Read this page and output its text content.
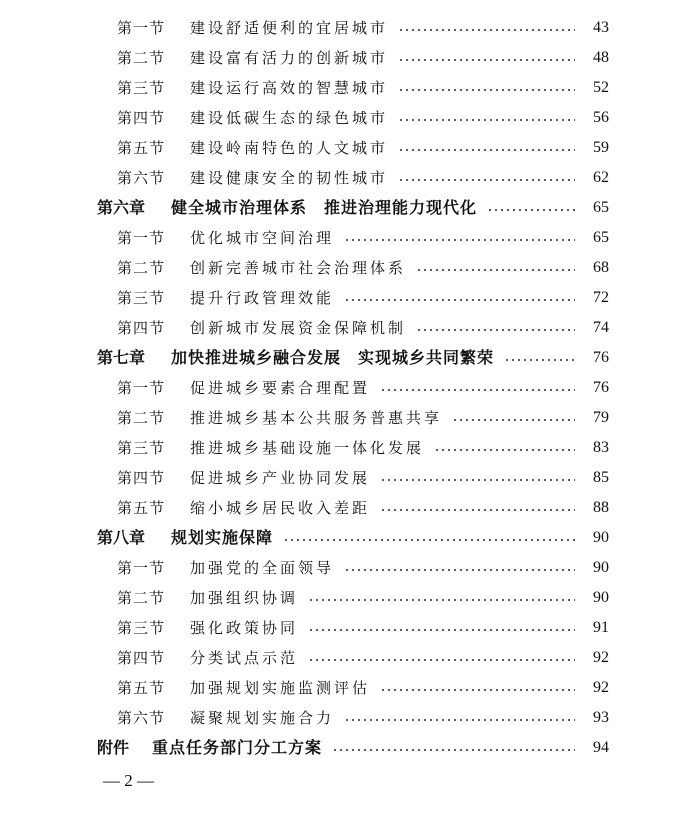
第一节	建设舒适便利的宜居城市	43
第二节	建设富有活力的创新城市	48
第三节	建设运行高效的智慧城市	52
第四节	建设低碳生态的绿色城市	56
第五节	建设岭南特色的人文城市	59
第六节	建设健康安全的韧性城市	62
第六章	健全城市治理体系　推进治理能力现代化	65
第一节	优化城市空间治理	65
第二节	创新完善城市社会治理体系	68
第三节	提升行政管理效能	72
第四节	创新城市发展资金保障机制	74
第七章	加快推进城乡融合发展　实现城乡共同繁荣	76
第一节	促进城乡要素合理配置	76
第二节	推进城乡基本公共服务普惠共享	79
第三节	推进城乡基础设施一体化发展	83
第四节	促进城乡产业协同发展	85
第五节	缩小城乡居民收入差距	88
第八章	规划实施保障	90
第一节	加强党的全面领导	90
第二节	加强组织协调	90
第三节	强化政策协同	91
第四节	分类试点示范	92
第五节	加强规划实施监测评估	92
第六节	凝聚规划实施合力	93
附件	重点任务部门分工方案	94
— 2 —
